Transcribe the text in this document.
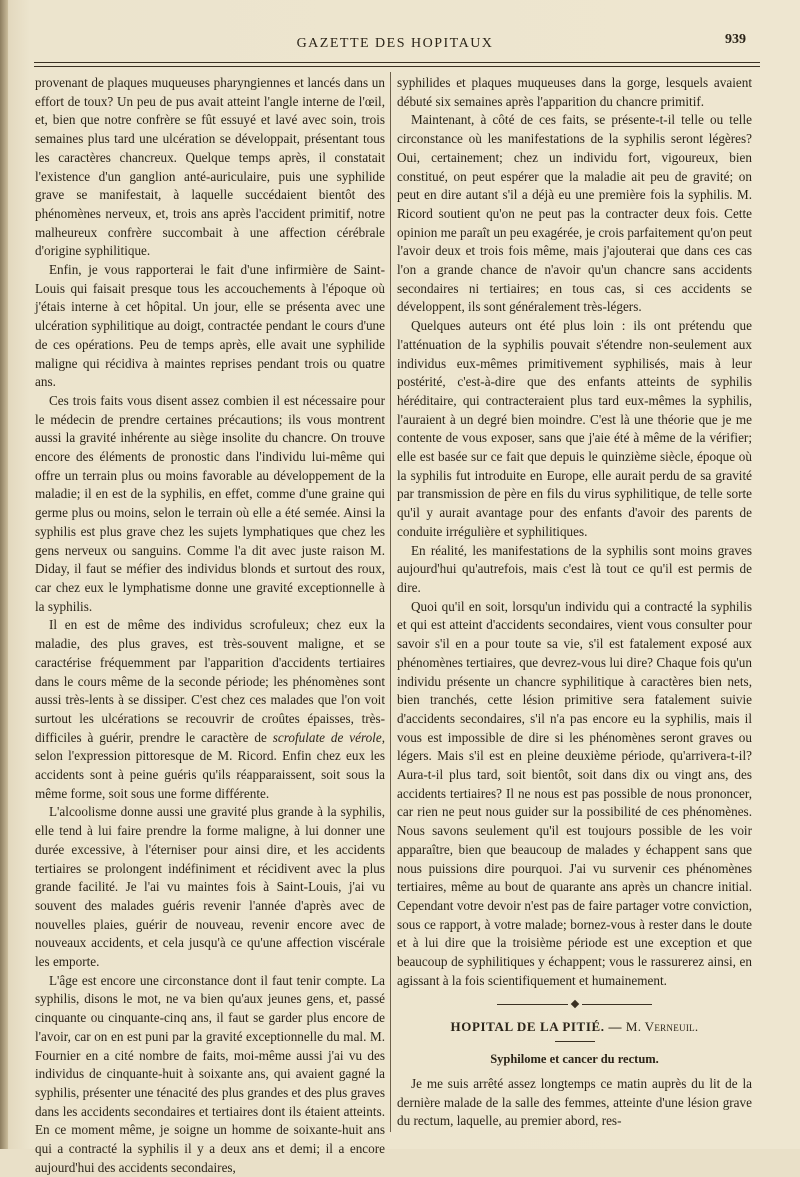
GAZETTE DES HOPITAUX	939

provenant de plaques muqueuses pharyngiennes et lancés dans un effort de toux? Un peu de pus avait atteint l'angle interne de l'œil, et, bien que notre confrère se fût essuyé et lavé avec soin, trois semaines plus tard une ulcération se développait, présentant tous les caractères chancreux. Quelque temps après, il constatait l'existence d'un ganglion anté-auriculaire, puis une syphilide grave se manifestait, à laquelle succédaient bientôt des phénomènes nerveux, et, trois ans après l'accident primitif, notre malheureux confrère succombait à une affection cérébrale d'origine syphilitique.

Enfin, je vous rapporterai le fait d'une infirmière de Saint-Louis qui faisait presque tous les accouchements à l'époque où j'étais interne à cet hôpital. Un jour, elle se présenta avec une ulcération syphilitique au doigt, contractée pendant le cours d'une de ces opérations. Peu de temps après, elle avait une syphilide maligne qui récidiva à maintes reprises pendant trois ou quatre ans.

Ces trois faits vous disent assez combien il est nécessaire pour le médecin de prendre certaines précautions; ils vous montrent aussi la gravité inhérente au siège insolite du chancre. On trouve encore des éléments de pronostic dans l'individu lui-même qui offre un terrain plus ou moins favorable au développement de la maladie; il en est de la syphilis, en effet, comme d'une graine qui germe plus ou moins, selon le terrain où elle a été semée. Ainsi la syphilis est plus grave chez les sujets lymphatiques que chez les gens nerveux ou sanguins. Comme l'a dit avec juste raison M. Diday, il faut se méfier des individus blonds et surtout des roux, car chez eux le lymphatisme donne une gravité exceptionnelle à la syphilis.

Il en est de même des individus scrofuleux; chez eux la maladie, des plus graves, est très-souvent maligne, et se caractérise fréquemment par l'apparition d'accidents tertiaires dans le cours même de la seconde période; les phénomènes sont aussi très-lents à se dissiper. C'est chez ces malades que l'on voit surtout les ulcérations se recouvrir de croûtes épaisses, très-difficiles à guérir, prendre le caractère de scrofulate de vérole, selon l'expression pittoresque de M. Ricord. Enfin chez eux les accidents sont à peine guéris qu'ils réapparaissent, soit sous la même forme, soit sous une forme différente.

L'alcoolisme donne aussi une gravité plus grande à la syphilis, elle tend à lui faire prendre la forme maligne, à lui donner une durée excessive, à l'éterniser pour ainsi dire, et les accidents tertiaires se prolongent indéfiniment et récidivent avec la plus grande facilité. Je l'ai vu maintes fois à Saint-Louis, j'ai vu souvent des malades guéris revenir l'année d'après avec de nouvelles plaies, guérir de nouveau, revenir encore avec de nouveaux accidents, et cela jusqu'à ce qu'une affection viscérale les emporte.

L'âge est encore une circonstance dont il faut tenir compte. La syphilis, disons le mot, ne va bien qu'aux jeunes gens, et, passé cinquante ou cinquante-cinq ans, il faut se garder plus encore de l'avoir, car on en est puni par la gravité exceptionnelle du mal. M. Fournier en a cité nombre de faits, moi-même aussi j'ai vu des individus de cinquante-huit à soixante ans, qui avaient gagné la syphilis, présenter une ténacité des plus grandes et des plus graves dans les accidents secondaires et tertiaires dont ils étaient atteints. En ce moment même, je soigne un homme de soixante-huit ans qui a contracté la syphilis il y a deux ans et demi; il a encore aujourd'hui des accidents secondaires,

syphilides et plaques muqueuses dans la gorge, lesquels avaient débuté six semaines après l'apparition du chancre primitif.

Maintenant, à côté de ces faits, se présente-t-il telle ou telle circonstance où les manifestations de la syphilis seront légères? Oui, certainement; chez un individu fort, vigoureux, bien constitué, on peut espérer que la maladie ait peu de gravité; on peut en dire autant s'il a déjà eu une première fois la syphilis. M. Ricord soutient qu'on ne peut pas la contracter deux fois. Cette opinion me paraît un peu exagérée, je crois parfaitement qu'on peut l'avoir deux et trois fois même, mais j'ajouterai que dans ces cas l'on a grande chance de n'avoir qu'un chancre sans accidents secondaires ni tertiaires; en tous cas, si ces accidents se développent, ils sont généralement très-légers.

Quelques auteurs ont été plus loin : ils ont prétendu que l'atténuation de la syphilis pouvait s'étendre non-seulement aux individus eux-mêmes primitivement syphilisés, mais à leur postérité, c'est-à-dire que des enfants atteints de syphilis héréditaire, qui contracteraient plus tard eux-mêmes la syphilis, l'auraient à un degré bien moindre. C'est là une théorie que je me contente de vous exposer, sans que j'aie été à même de la vérifier; elle est basée sur ce fait que depuis le quinzième siècle, époque où la syphilis fut introduite en Europe, elle aurait perdu de sa gravité par transmission de père en fils du virus syphilitique, de telle sorte qu'il y aurait avantage pour des enfants d'avoir des parents de conduite irrégulière et syphilitiques.

En réalité, les manifestations de la syphilis sont moins graves aujourd'hui qu'autrefois, mais c'est là tout ce qu'il est permis de dire.

Quoi qu'il en soit, lorsqu'un individu qui a contracté la syphilis et qui est atteint d'accidents secondaires, vient vous consulter pour savoir s'il en a pour toute sa vie, s'il est fatalement exposé aux phénomènes tertiaires, que devrez-vous lui dire? Chaque fois qu'un individu présente un chancre syphilitique à caractères bien nets, bien tranchés, cette lésion primitive sera fatalement suivie d'accidents secondaires, s'il n'a pas encore eu la syphilis, mais il vous est impossible de dire si les phénomènes seront graves ou légers. Mais s'il est en pleine deuxième période, qu'arrivera-t-il? Aura-t-il plus tard, soit bientôt, soit dans dix ou vingt ans, des accidents tertiaires? Il ne nous est pas possible de nous prononcer, car rien ne peut nous guider sur la possibilité de ces phénomènes. Nous savons seulement qu'il est toujours possible de les voir apparaître, bien que beaucoup de malades y échappent sans que nous puissions dire pourquoi. J'ai vu survenir ces phénomènes tertiaires, même au bout de quarante ans après un chancre initial. Cependant votre devoir n'est pas de faire partager votre conviction, sous ce rapport, à votre malade; bornez-vous à rester dans le doute et à lui dire que la troisième période est une exception et que beaucoup de syphilitiques y échappent; vous le rassurerez ainsi, en agissant à la fois scientifiquement et humainement.

HOPITAL DE LA PITIÉ. — M. Verneuil.
Syphilome et cancer du rectum.

Je me suis arrêté assez longtemps ce matin auprès du lit de la dernière malade de la salle des femmes, atteinte d'une lésion grave du rectum, laquelle, au premier abord, res-
